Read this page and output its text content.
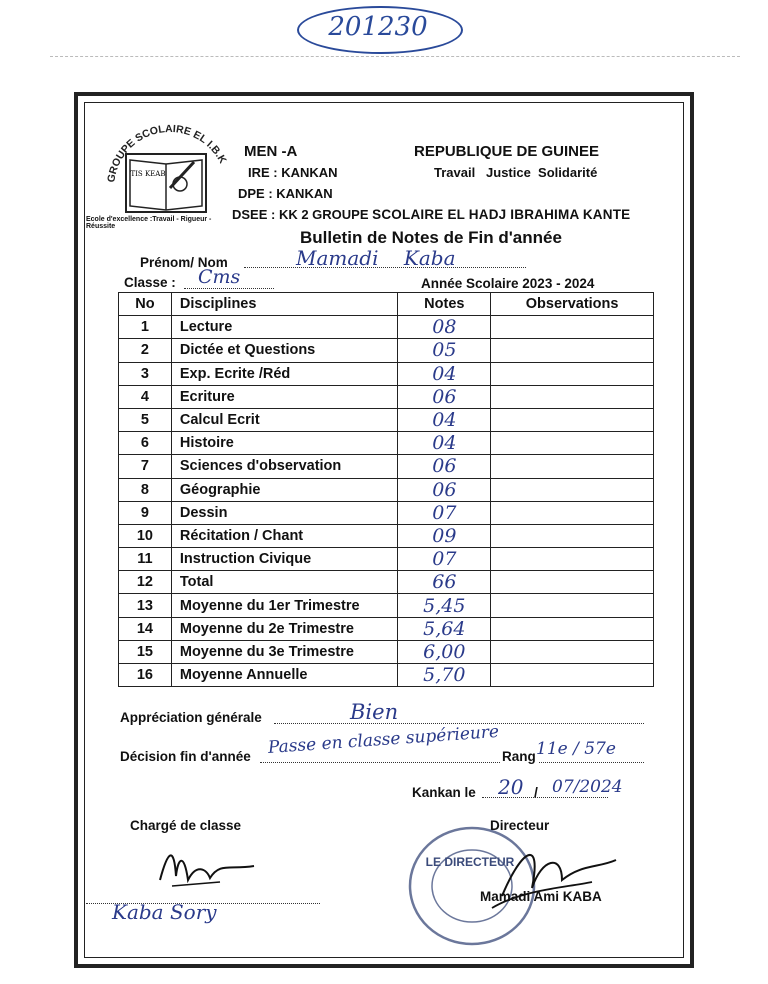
201230
GROUPE SCOLAIRE EL I.B.K
TIS KEAB
Ecole d'excellence :Travail - Rigueur - Réussite
MEN -A
IRE : KANKAN
DPE : KANKAN
DSEE : KK 2 GROUPE SCOLAIRE EL HADJ IBRAHIMA KANTE
REPUBLIQUE DE GUINEE
Travail   Justice  Solidarité
Bulletin de Notes de Fin d'année
Prénom/ Nom	Mamadi    Kaba
Classe : Cms	Année Scolaire 2023 - 2024
No	Disciplines	Notes	Observations
1	Lecture	08	
2	Dictée et Questions	05	
3	Exp. Ecrite /Réd	04	
4	Ecriture	06	
5	Calcul Ecrit	04	
6	Histoire	04	
7	Sciences d'observation	06	
8	Géographie	06	
9	Dessin	07	
10	Récitation / Chant	09	
11	Instruction Civique	07	
12	Total	66	
13	Moyenne du 1er Trimestre	5,45	
14	Moyenne du 2e Trimestre	5,64	
15	Moyenne du 3e Trimestre	6,00	
16	Moyenne Annuelle	5,70	
Appréciation générale	Bien
Décision fin d'année Passe en classe supérieure Rang 11e / 57e
Kankan le 20 / 07/2024
Chargé de classe
Kaba Sory
Directeur
LE DIRECTEUR
Mamadi Ami KABA
